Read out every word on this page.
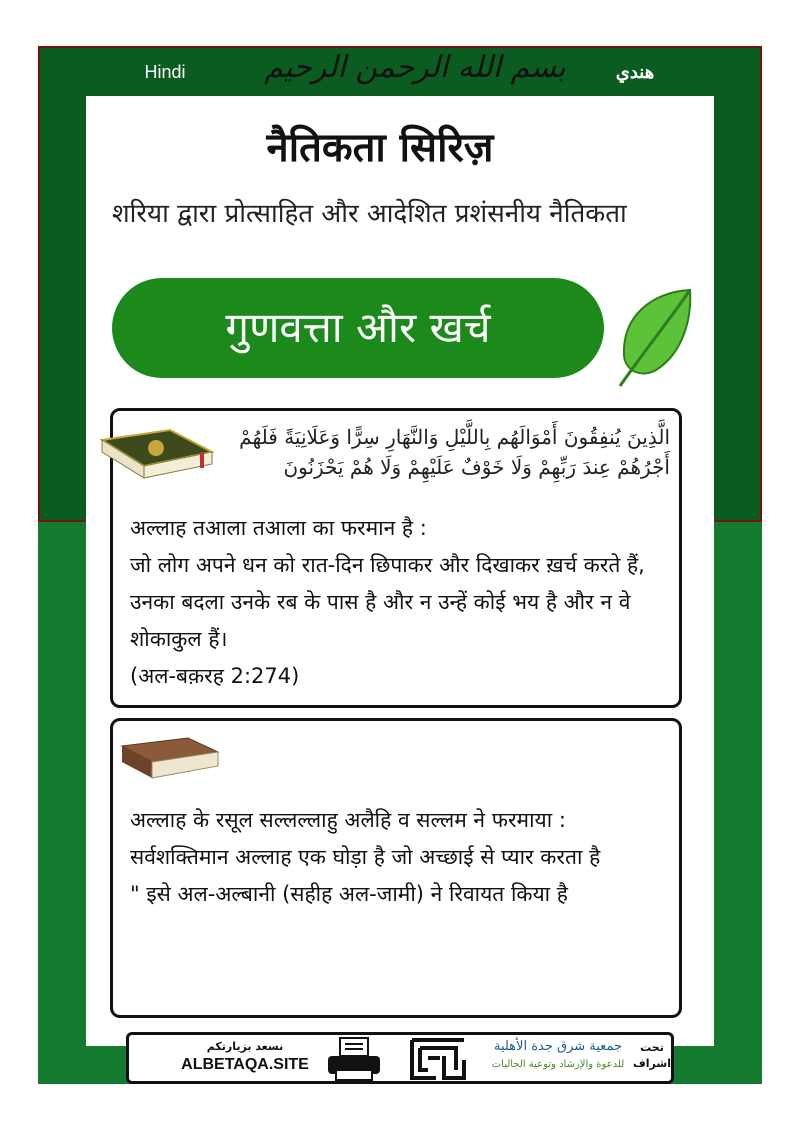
Hindi	هندي
بسم الله الرحمن الرحيم
नैतिकता सिरिज़
शरिया द्वारा प्रोत्साहित और आदेशित प्रशंसनीय नैतिकता
गुणवत्ता और खर्च
الَّذِينَ يُنفِقُونَ أَمْوَالَهُم بِاللَّيْلِ وَالنَّهَارِ سِرًّا وَعَلَانِيَةً فَلَهُمْ أَجْرُهُمْ عِندَ رَبِّهِمْ وَلَا خَوْفٌ عَلَيْهِمْ وَلَا هُمْ يَحْزَنُونَ
अल्लाह तआला तआला का फरमान है :
जो लोग अपने धन को रात-दिन छिपाकर और दिखाकर ख़र्च करते हैं, उनका बदला उनके रब के पास है और न उन्हें कोई भय है और न वे शोकाकुल हैं।
(अल-बक़रह 2:274)
अल्लाह के रसूल सल्लल्लाहु अलैहि व सल्लम ने फरमाया :
सर्वशक्तिमान अल्लाह एक घोड़ा है जो अच्छाई से प्यार करता है
" इसे अल-अल्बानी (सहीह अल-जामी) ने रिवायत किया है
نسعد بزيارتكم
ALBETAQA.SITE
جمعية شرق جدة الأهلية
للدعوة والإرشاد وتوعية الجاليات
تحت اشراف
